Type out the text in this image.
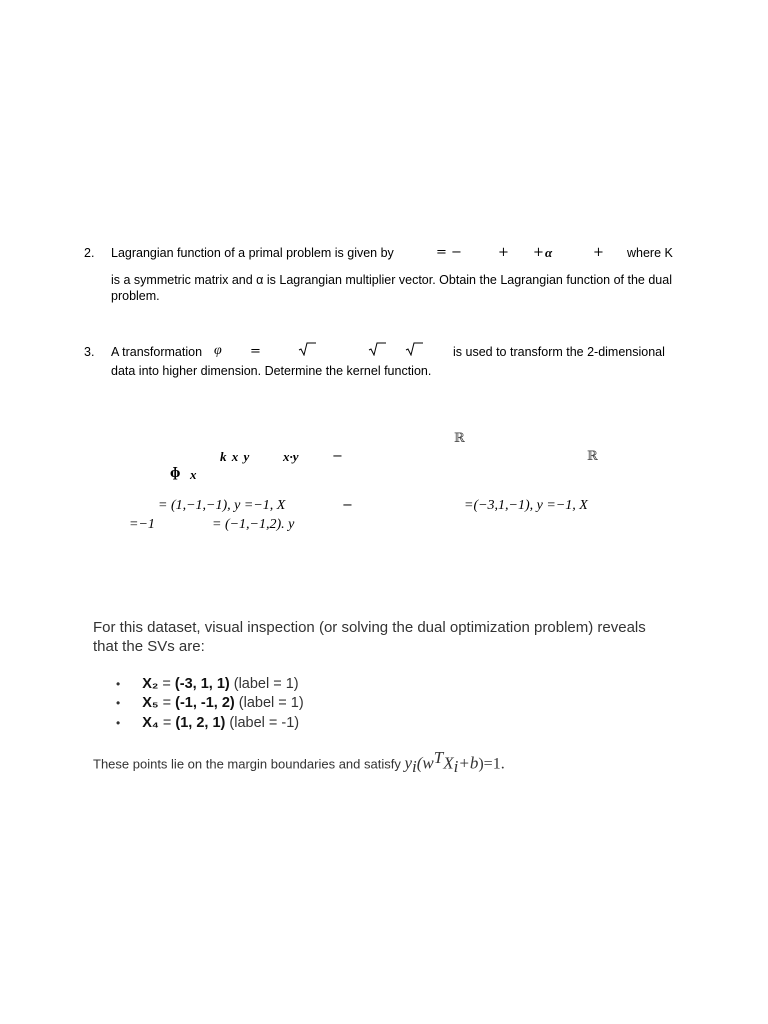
2. Lagrangian function of a primal problem is given by	= −	+ + α	+ where K
is a symmetric matrix and α is Lagrangian multiplier vector. Obtain the Lagrangian function of the dual problem.
3. A transformation φ =	is used to transform the 2-dimensional
data into higher dimension. Determine the kernel function.
ℝ
k x y	x·y	−	ℝ
ɸ x
= (1,−1,−1), y =−1, X	−	=(−3,1,−1), y =−1, X
=−1	= (−1,−1,2). y
For this dataset, visual inspection (or solving the dual optimization problem) reveals that the SVs are:
• X₂ = (-3, 1, 1) (label = 1)
• X₅ = (-1, -1, 2) (label = 1)
• X₄ = (1, 2, 1) (label = -1)
These points lie on the margin boundaries and satisfy $y_i(w^TX_i+b)=1$.
